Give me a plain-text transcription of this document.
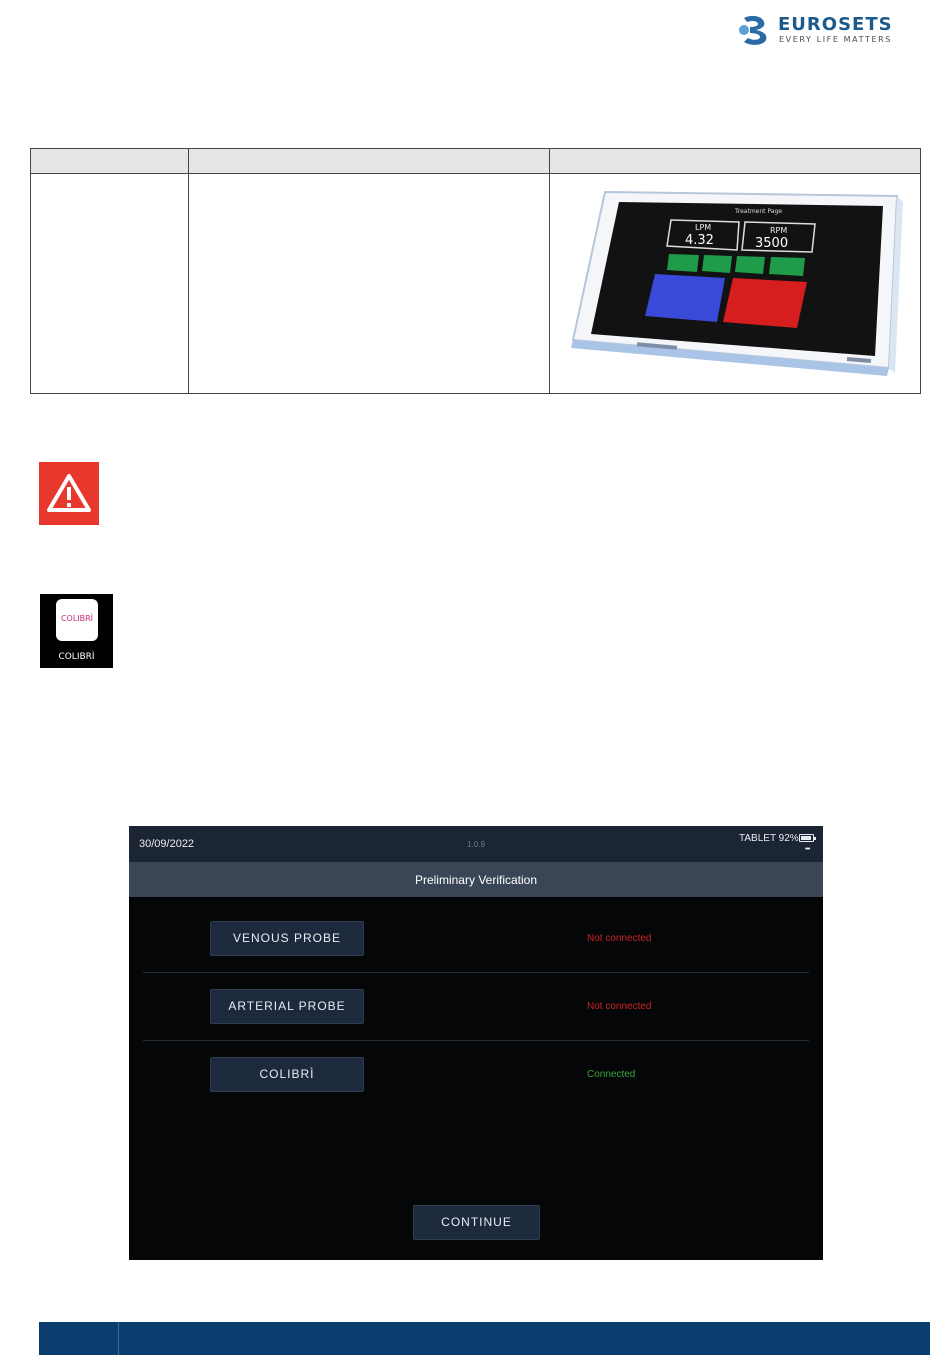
EUROSETS
EVERY LIFE MATTERS

Treatment Page
LPM
4.32
RPM
3500
COLIBRÌ
COLIBRÌ
30/09/2022	1.0.9
TABLET 92%
•••
Preliminary Verification
VENOUS PROBE	Not connected
ARTERIAL PROBE	Not connected
COLIBRÌ	Connected
CONTINUE
